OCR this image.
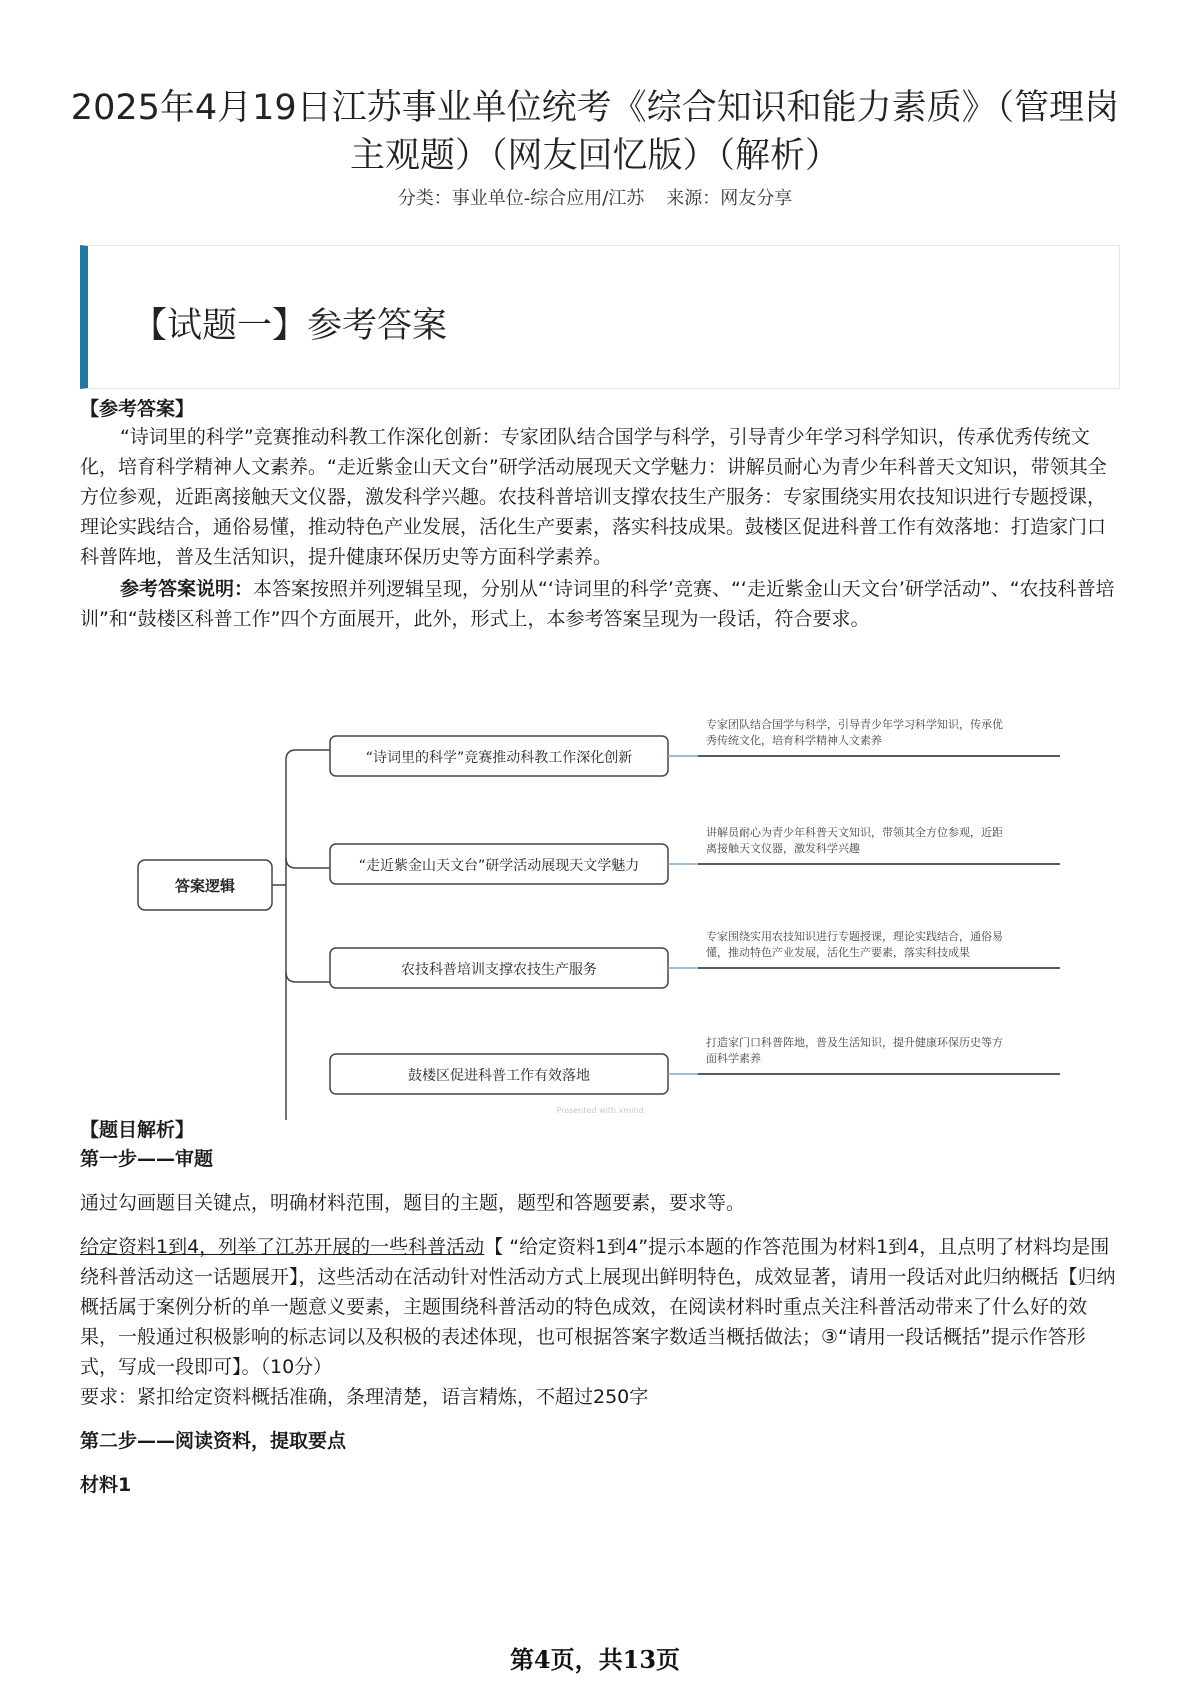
2025年4月19日江苏事业单位统考《综合知识和能力素质》（管理岗主观题）（网友回忆版）（解析）
分类：事业单位-综合应用/江苏 来源：网友分享
【试题一】参考答案

【参考答案】

“诗词里的科学”竞赛推动科教工作深化创新：专家团队结合国学与科学，引导青少年学习科学知识，传承优秀传统文化，培育科学精神人文素养。“走近紫金山天文台”研学活动展现天文学魅力：讲解员耐心为青少年科普天文知识，带领其全方位参观，近距离接触天文仪器，激发科学兴趣。农技科普培训支撑农技生产服务：专家围绕实用农技知识进行专题授课，理论实践结合，通俗易懂，推动特色产业发展，活化生产要素，落实科技成果。鼓楼区促进科普工作有效落地：打造家门口科普阵地，普及生活知识，提升健康环保历史等方面科学素养。

参考答案说明：本答案按照并列逻辑呈现，分别从“‘诗词里的科学’竞赛、“‘走近紫金山天文台’研学活动”、“农技科普培训”和“鼓楼区科普工作”四个方面展开，此外，形式上，本参考答案呈现为一段话，符合要求。

答案逻辑
“诗词里的科学”竞赛推动科教工作深化创新
“走近紫金山天文台”研学活动展现天文学魅力
农技科普培训支撑农技生产服务
鼓楼区促进科普工作有效落地
专家团队结合国学与科学，引导青少年学习科学知识，传承优
秀传统文化，培育科学精神人文素养
讲解员耐心为青少年科普天文知识，带领其全方位参观，近距
离接触天文仪器，激发科学兴趣
专家围绕实用农技知识进行专题授课，理论实践结合，通俗易
懂，推动特色产业发展，活化生产要素，落实科技成果
打造家门口科普阵地，普及生活知识，提升健康环保历史等方
面科学素养
Presented with xmind

【题目解析】

第一步——审题

通过勾画题目关键点，明确材料范围，题目的主题，题型和答题要素，要求等。

给定资料1到4，列举了江苏开展的一些科普活动【 “给定资料1到4”提示本题的作答范围为材料1到4，且点明了材料均是围绕科普活动这一话题展开】，这些活动在活动针对性活动方式上展现出鲜明特色，成效显著，请用一段话对此归纳概括【归纳概括属于案例分析的单一题意义要素，主题围绕科普活动的特色成效，在阅读材料时重点关注科普活动带来了什么好的效果，一般通过积极影响的标志词以及积极的表述体现，也可根据答案字数适当概括做法；③“请用一段话概括”提示作答形式，写成一段即可】。（10分）

要求：紧扣给定资料概括准确，条理清楚，语言精炼，不超过250字

第二步——阅读资料，提取要点

材料1

第4页，共13页
